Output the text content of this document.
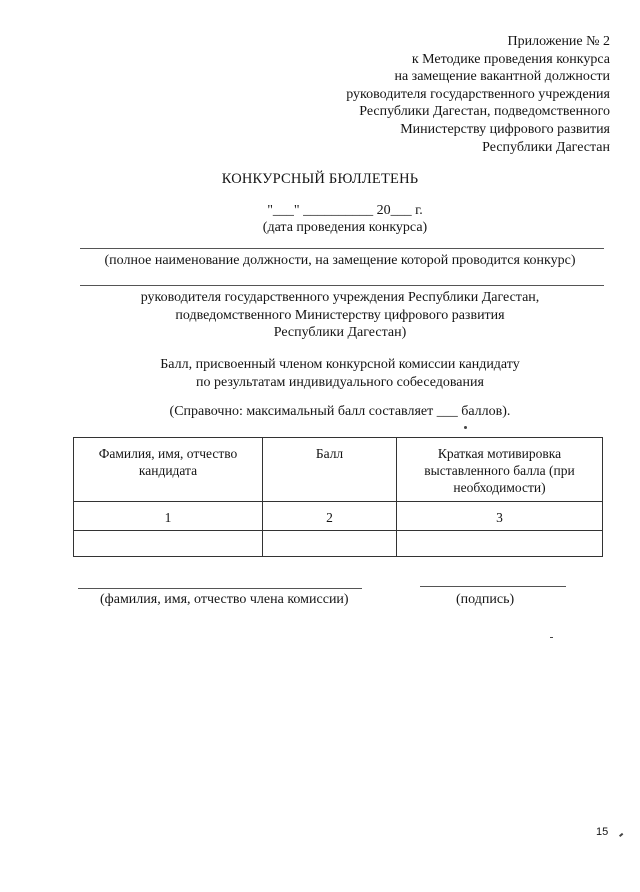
Приложение № 2
к Методике проведения конкурса
на замещение вакантной должности
руководителя государственного учреждения
Республики Дагестан, подведомственного
Министерству цифрового развития
Республики Дагестан
КОНКУРСНЫЙ БЮЛЛЕТЕНЬ
"___" __________ 20___ г.
(дата проведения конкурса)
(полное наименование должности, на замещение которой проводится конкурс)
руководителя государственного учреждения Республики Дагестан,
подведомственного Министерству цифрового развития
Республики Дагестан)
Балл, присвоенный членом конкурсной комиссии кандидату
по результатам индивидуального собеседования
(Справочно: максимальный балл составляет ___ баллов).
Фамилия, имя, отчество кандидата	Балл	Краткая мотивировка выставленного балла (при необходимости)
1	2	3

(фамилия, имя, отчество члена комиссии)	(подпись)
15
